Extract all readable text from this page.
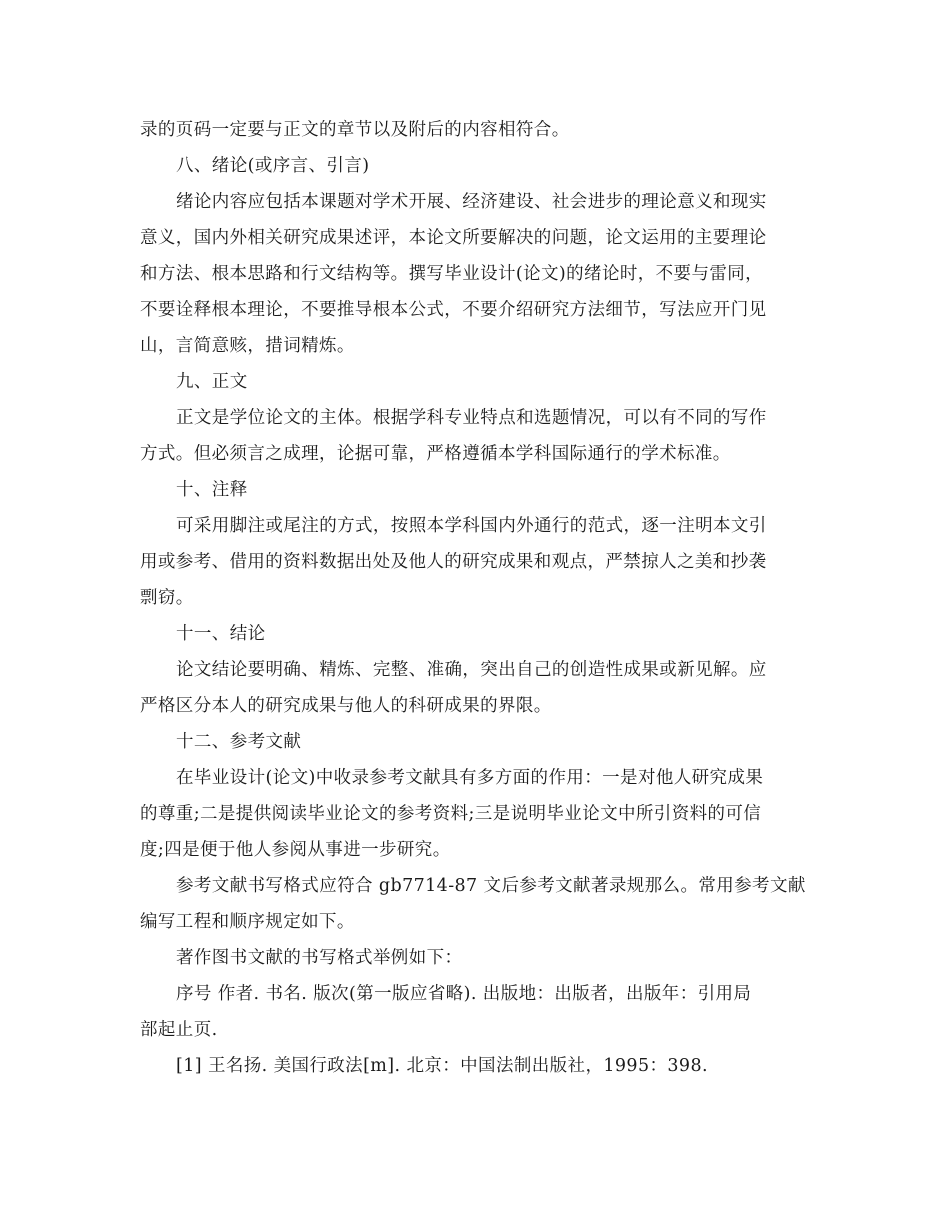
录的页码一定要与正文的章节以及附后的内容相符合。
八、绪论(或序言、引言)
绪论内容应包括本课题对学术开展、经济建设、社会进步的理论意义和现实
意义，国内外相关研究成果述评，本论文所要解决的问题，论文运用的主要理论
和方法、根本思路和行文结构等。撰写毕业设计(论文)的绪论时，不要与雷同，
不要诠释根本理论，不要推导根本公式，不要介绍研究方法细节，写法应开门见
山，言简意赅，措词精炼。
九、正文
正文是学位论文的主体。根据学科专业特点和选题情况，可以有不同的写作
方式。但必须言之成理，论据可靠，严格遵循本学科国际通行的学术标准。
十、注释
可采用脚注或尾注的方式，按照本学科国内外通行的范式，逐一注明本文引
用或参考、借用的资料数据出处及他人的研究成果和观点，严禁掠人之美和抄袭
剽窃。
十一、结论
论文结论要明确、精炼、完整、准确，突出自己的创造性成果或新见解。应
严格区分本人的研究成果与他人的科研成果的界限。
十二、参考文献
在毕业设计(论文)中收录参考文献具有多方面的作用：一是对他人研究成果
的尊重;二是提供阅读毕业论文的参考资料;三是说明毕业论文中所引资料的可信
度;四是便于他人参阅从事进一步研究。
参考文献书写格式应符合 gb7714-87 文后参考文献著录规那么。常用参考文献
编写工程和顺序规定如下。
著作图书文献的书写格式举例如下：
序号 作者. 书名. 版次(第一版应省略). 出版地：出版者，出版年：引用局
部起止页.
[1] 王名扬. 美国行政法[m]. 北京：中国法制出版社，1995：398.
